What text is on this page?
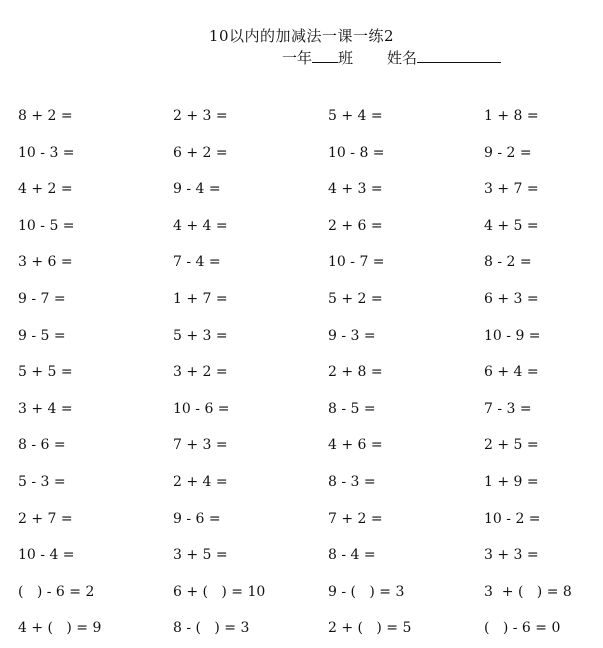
10以内的加减法一课一练2
一年 班 姓名
8 + 2 =	2 + 3 =	5 + 4 =	1 + 8 =
10 - 3 =	6 + 2 =	10 - 8 =	9 - 2 =
4 + 2 =	9 - 4 =	4 + 3 =	3 + 7 =
10 - 5 =	4 + 4 =	2 + 6 =	4 + 5 =
3 + 6 =	7 - 4 =	10 - 7 =	8 - 2 =
9 - 7 =	1 + 7 =	5 + 2 =	6 + 3 =
9 - 5 =	5 + 3 =	9 - 3 =	10 - 9 =
5 + 5 =	3 + 2 =	2 + 8 =	6 + 4 =
3 + 4 =	10 - 6 =	8 - 5 =	7 - 3 =
8 - 6 =	7 + 3 =	4 + 6 =	2 + 5 =
5 - 3 =	2 + 4 =	8 - 3 =	1 + 9 =
2 + 7 =	9 - 6 =	7 + 2 =	10 - 2 =
10 - 4 =	3 + 5 =	8 - 4 =	3 + 3 =
(   ) - 6 = 2	6 + (   ) = 10	9 - (   ) = 3	3  + (   ) = 8
4 + (   ) = 9	8 - (   ) = 3	2 + (   ) = 5	(   ) - 6 = 0
